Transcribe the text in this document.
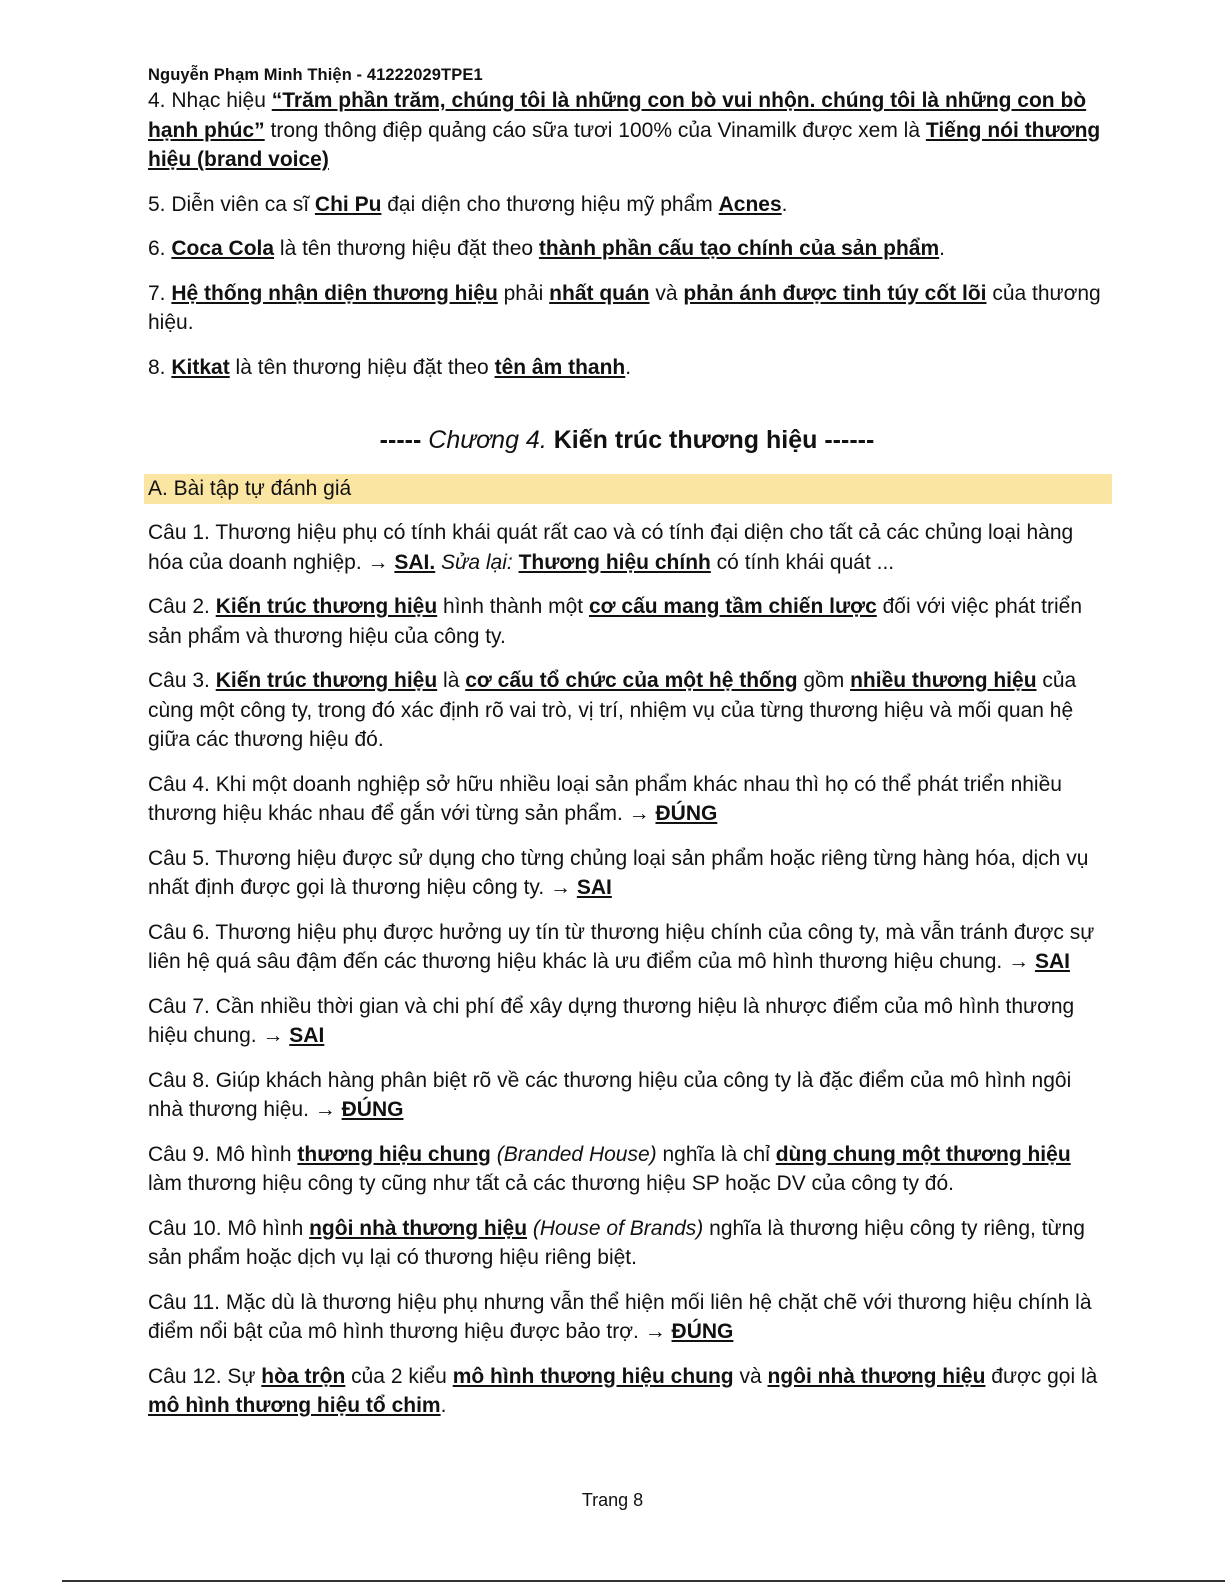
Nguyễn Phạm Minh Thiện - 41222029TPE1

4. Nhạc hiệu “Trăm phần trăm, chúng tôi là những con bò vui nhộn. chúng tôi là những con bò hạnh phúc” trong thông điệp quảng cáo sữa tươi 100% của Vinamilk được xem là Tiếng nói thương hiệu (brand voice)

5. Diễn viên ca sĩ Chi Pu đại diện cho thương hiệu mỹ phẩm Acnes.

6. Coca Cola là tên thương hiệu đặt theo thành phần cấu tạo chính của sản phẩm.

7. Hệ thống nhận diện thương hiệu phải nhất quán và phản ánh được tinh túy cốt lõi của thương hiệu.

8. Kitkat là tên thương hiệu đặt theo tên âm thanh.

----- Chương 4. Kiến trúc thương hiệu ------
A. Bài tập tự đánh giá

Câu 1. Thương hiệu phụ có tính khái quát rất cao và có tính đại diện cho tất cả các chủng loại hàng hóa của doanh nghiệp. → SAI. Sửa lại: Thương hiệu chính có tính khái quát ...

Câu 2. Kiến trúc thương hiệu hình thành một cơ cấu mang tầm chiến lược đối với việc phát triển sản phẩm và thương hiệu của công ty.

Câu 3. Kiến trúc thương hiệu là cơ cấu tổ chức của một hệ thống gồm nhiều thương hiệu của cùng một công ty, trong đó xác định rõ vai trò, vị trí, nhiệm vụ của từng thương hiệu và mối quan hệ giữa các thương hiệu đó.

Câu 4. Khi một doanh nghiệp sở hữu nhiều loại sản phẩm khác nhau thì họ có thể phát triển nhiều thương hiệu khác nhau để gắn với từng sản phẩm. → ĐÚNG

Câu 5. Thương hiệu được sử dụng cho từng chủng loại sản phẩm hoặc riêng từng hàng hóa, dịch vụ nhất định được gọi là thương hiệu công ty. → SAI

Câu 6. Thương hiệu phụ được hưởng uy tín từ thương hiệu chính của công ty, mà vẫn tránh được sự liên hệ quá sâu đậm đến các thương hiệu khác là ưu điểm của mô hình thương hiệu chung. → SAI

Câu 7. Cần nhiều thời gian và chi phí để xây dựng thương hiệu là nhược điểm của mô hình thương hiệu chung. → SAI

Câu 8. Giúp khách hàng phân biệt rõ về các thương hiệu của công ty là đặc điểm của mô hình ngôi nhà thương hiệu. → ĐÚNG

Câu 9. Mô hình thương hiệu chung (Branded House) nghĩa là chỉ dùng chung một thương hiệu làm thương hiệu công ty cũng như tất cả các thương hiệu SP hoặc DV của công ty đó.

Câu 10. Mô hình ngôi nhà thương hiệu (House of Brands) nghĩa là thương hiệu công ty riêng, từng sản phẩm hoặc dịch vụ lại có thương hiệu riêng biệt.

Câu 11. Mặc dù là thương hiệu phụ nhưng vẫn thể hiện mối liên hệ chặt chẽ với thương hiệu chính là điểm nổi bật của mô hình thương hiệu được bảo trợ. → ĐÚNG

Câu 12. Sự hòa trộn của 2 kiểu mô hình thương hiệu chung và ngôi nhà thương hiệu được gọi là mô hình thương hiệu tổ chim.

Trang 8
